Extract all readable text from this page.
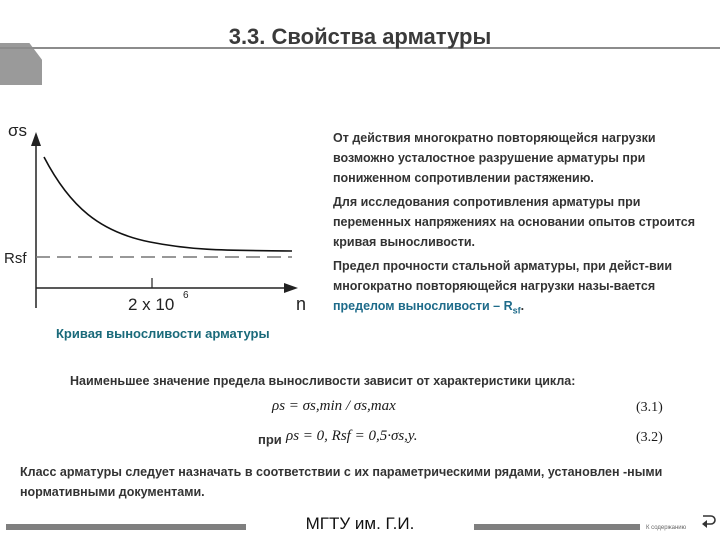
3.3. Свойства арматуры
σs
Rsf
n
2 x 10 6
От действия многократно повторяющейся нагрузки возможно усталостное разрушение арматуры при пониженном сопротивлении растяжению.
Для исследования сопротивления арматуры при переменных напряжениях на основании опытов строится кривая выносливости.
Предел прочности стальной арматуры, при дейст-вии многократно повторяющейся нагрузки назы-вается пределом выносливости – $R_{sf}$.
Кривая выносливости арматуры
Наименьшее значение предела выносливости зависит от характеристики цикла:
ρs = σs,min / σs,max	(3.1)
при ρs = 0, Rsf = 0,5·σs,y.	(3.2)
Класс арматуры следует назначать в соответствии с их параметрическими рядами, установлен -ными нормативными документами.
МГТУ им. Г.И.	К содержанию
